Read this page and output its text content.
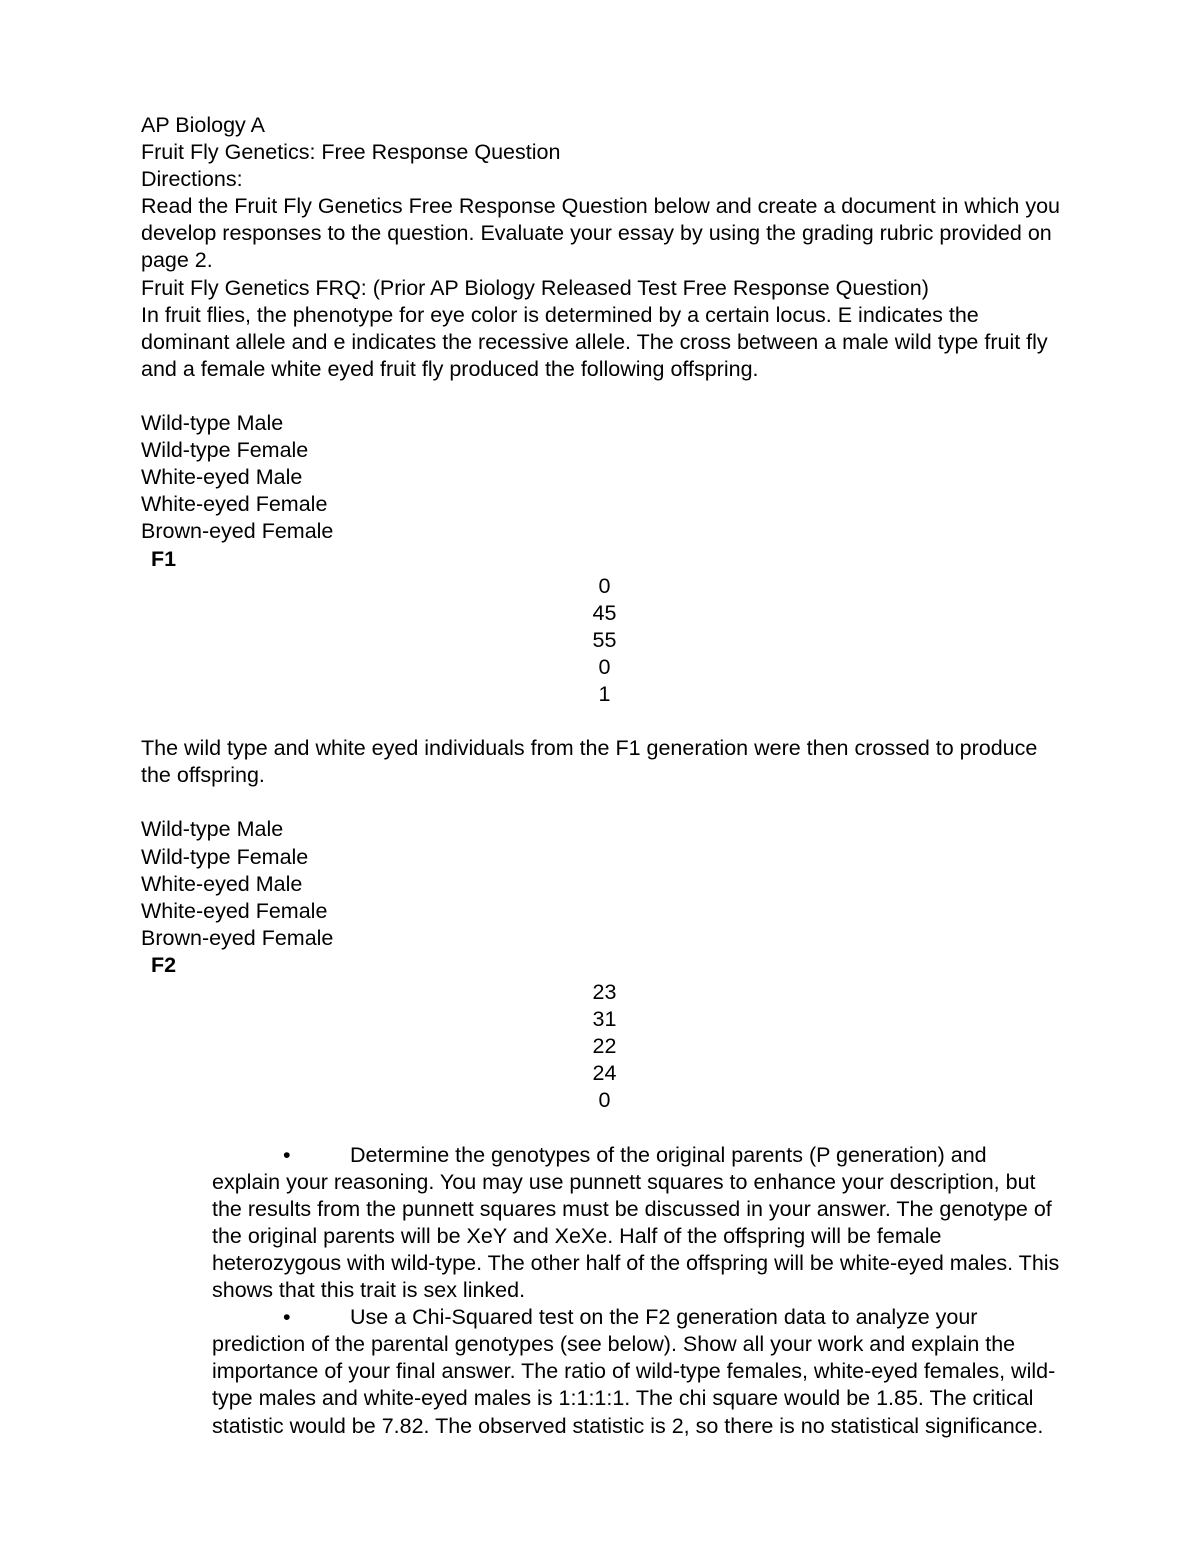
AP Biology A
Fruit Fly Genetics: Free Response Question
Directions:
Read the Fruit Fly Genetics Free Response Question below and create a document in which you develop responses to the question. Evaluate your essay by using the grading rubric provided on page 2.
Fruit Fly Genetics FRQ: (Prior AP Biology Released Test Free Response Question)
In fruit flies, the phenotype for eye color is determined by a certain locus. E indicates the dominant allele and e indicates the recessive allele. The cross between a male wild type fruit fly and a female white eyed fruit fly produced the following offspring.
Wild-type Male
Wild-type Female
White-eyed Male
White-eyed Female
Brown-eyed Female
F1
0
45
55
0
1
The wild type and white eyed individuals from the F1 generation were then crossed to produce the offspring.
Wild-type Male
Wild-type Female
White-eyed Male
White-eyed Female
Brown-eyed Female
F2
23
31
22
24
0
•	Determine the genotypes of the original parents (P generation) and explain your reasoning. You may use punnett squares to enhance your description, but the results from the punnett squares must be discussed in your answer. The genotype of the original parents will be XeY and XeXe. Half of the offspring will be female heterozygous with wild-type. The other half of the offspring will be white-eyed males. This shows that this trait is sex linked.
•	Use a Chi-Squared test on the F2 generation data to analyze your prediction of the parental genotypes (see below). Show all your work and explain the importance of your final answer. The ratio of wild-type females, white-eyed females, wild-type males and white-eyed males is 1:1:1:1. The chi square would be 1.85. The critical statistic would be 7.82. The observed statistic is 2, so there is no statistical significance.
